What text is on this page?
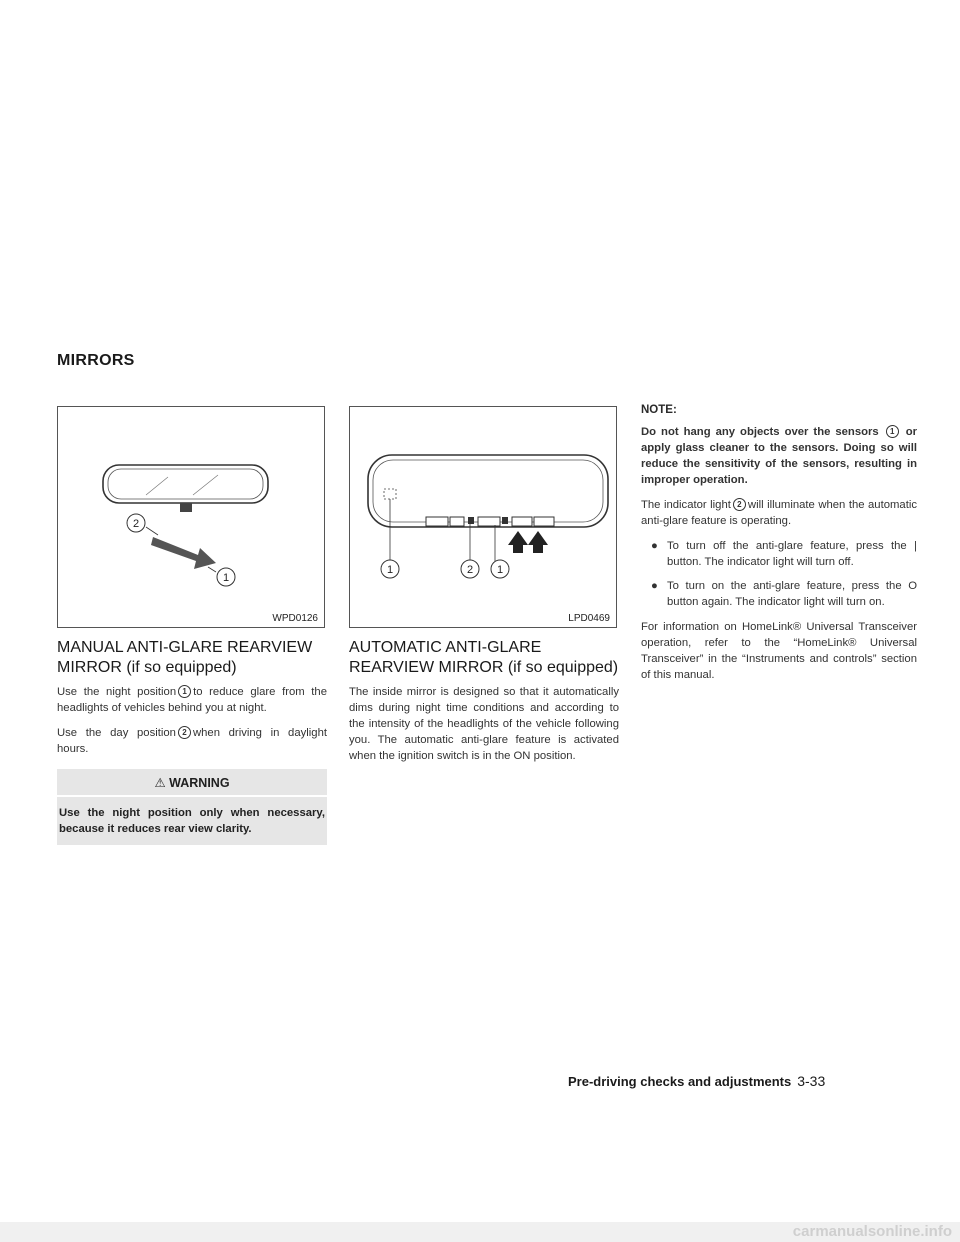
MIRRORS
2
1
WPD0126
MANUAL ANTI-GLARE REARVIEW MIRROR (if so equipped)

Use the night position 1 to reduce glare from the headlights of vehicles behind you at night.

Use the day position 2 when driving in daylight hours.

⚠ WARNING
Use the night position only when necessary, because it reduces rear view clarity.
1	2 1
LPD0469
AUTOMATIC ANTI-GLARE REARVIEW MIRROR (if so equipped)

The inside mirror is designed so that it automatically dims during night time conditions and according to the intensity of the headlights of the vehicle following you. The automatic anti-glare feature is activated when the ignition switch is in the ON position.

NOTE:

Do not hang any objects over the sensors 1 or apply glass cleaner to the sensors. Doing so will reduce the sensitivity of the sensors, resulting in improper operation.

The indicator light 2 will illuminate when the automatic anti-glare feature is operating.

● To turn off the anti-glare feature, press the | button. The indicator light will turn off.
● To turn on the anti-glare feature, press the O button again. The indicator light will turn on.

For information on HomeLink® Universal Transceiver operation, refer to the “HomeLink® Universal Transceiver” in the “Instruments and controls” section of this manual.

Pre-driving checks and adjustments 3-33
carmanualsonline.info
